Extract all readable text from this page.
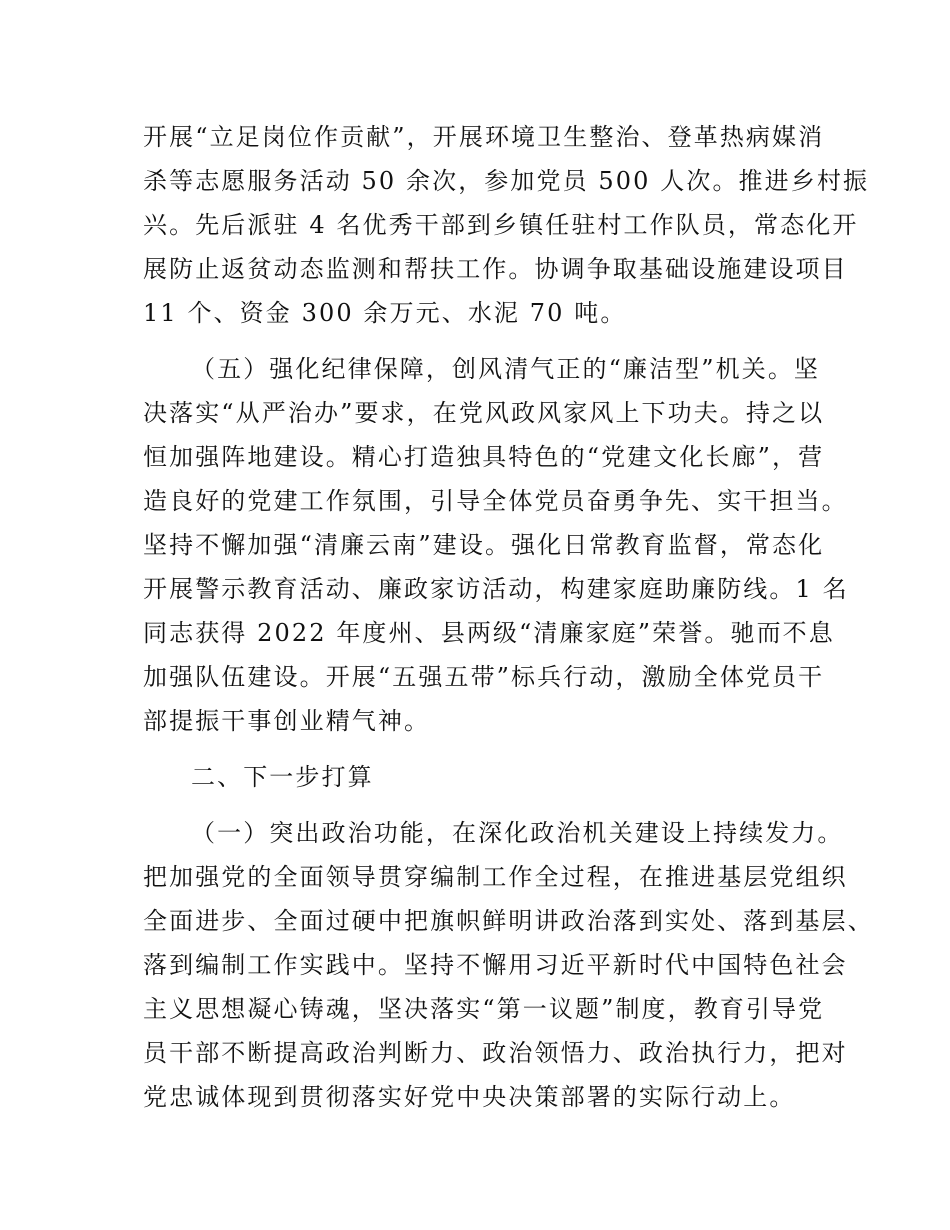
开展“立足岗位作贡献”，开展环境卫生整治、登革热病媒消
杀等志愿服务活动 50 余次，参加党员 500 人次。推进乡村振
兴。先后派驻 4 名优秀干部到乡镇任驻村工作队员，常态化开
展防止返贫动态监测和帮扶工作。协调争取基础设施建设项目
11 个、资金 300 余万元、水泥 70 吨。
（五）强化纪律保障，创风清气正的“廉洁型”机关。坚
决落实“从严治办”要求，在党风政风家风上下功夫。持之以
恒加强阵地建设。精心打造独具特色的“党建文化长廊”，营
造良好的党建工作氛围，引导全体党员奋勇争先、实干担当。
坚持不懈加强“清廉云南”建设。强化日常教育监督，常态化
开展警示教育活动、廉政家访活动，构建家庭助廉防线。1 名
同志获得 2022 年度州、县两级“清廉家庭”荣誉。驰而不息
加强队伍建设。开展“五强五带”标兵行动，激励全体党员干
部提振干事创业精气神。
二、下一步打算
（一）突出政治功能，在深化政治机关建设上持续发力。
把加强党的全面领导贯穿编制工作全过程，在推进基层党组织
全面进步、全面过硬中把旗帜鲜明讲政治落到实处、落到基层、
落到编制工作实践中。坚持不懈用习近平新时代中国特色社会
主义思想凝心铸魂，坚决落实“第一议题”制度，教育引导党
员干部不断提高政治判断力、政治领悟力、政治执行力，把对
党忠诚体现到贯彻落实好党中央决策部署的实际行动上。
